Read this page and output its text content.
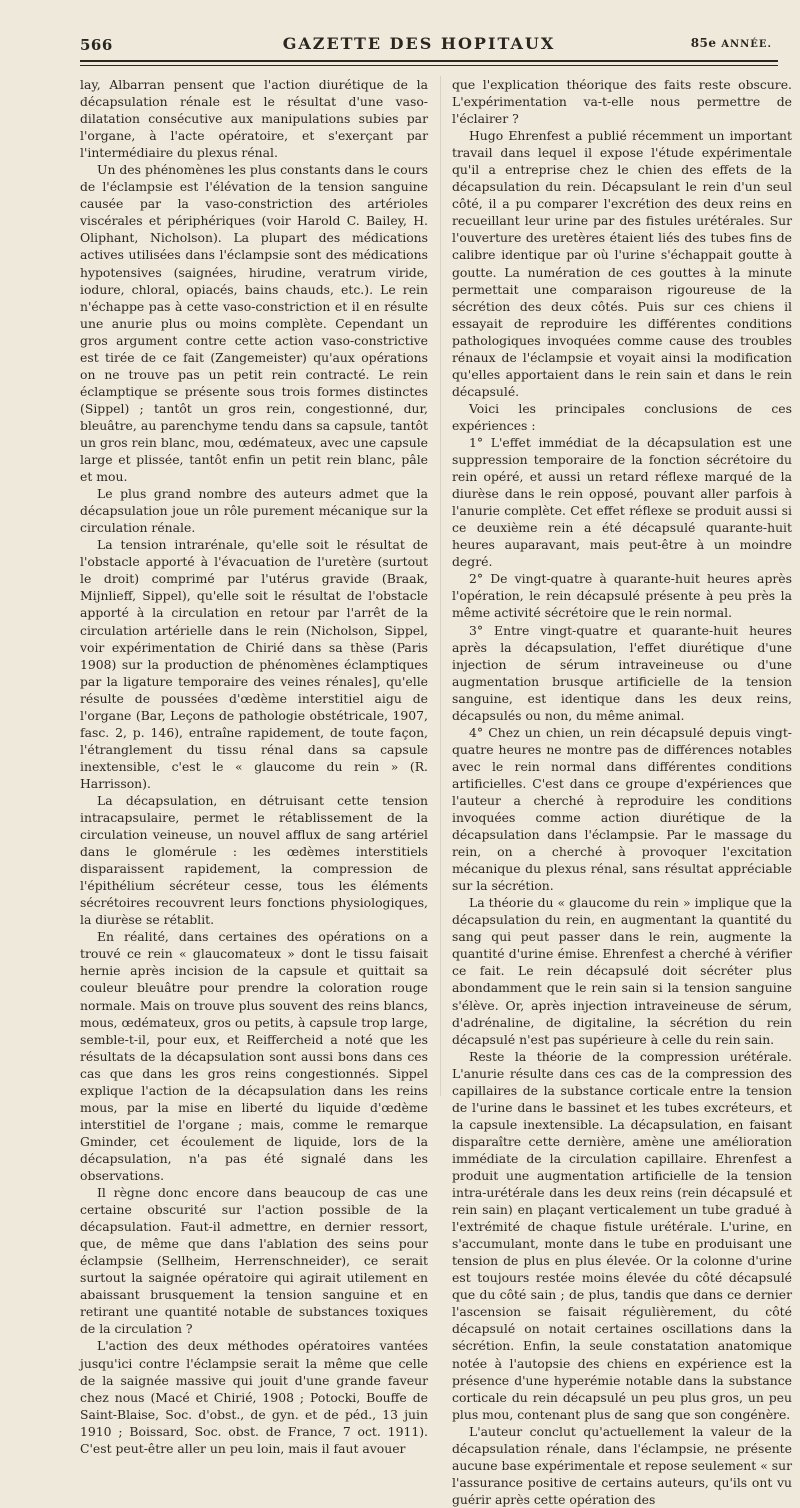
566	GAZETTE DES HOPITAUX	85e ANNÉE.

lay, Albarran pensent que l'action diurétique de la décapsulation rénale est le résultat d'une vaso-dilatation consécutive aux manipulations subies par l'organe, à l'acte opératoire, et s'exerçant par l'intermédiaire du plexus rénal.

Un des phénomènes les plus constants dans le cours de l'éclampsie est l'élévation de la tension sanguine causée par la vaso-constriction des artérioles viscérales et périphériques (voir Harold C. Bailey, H. Oliphant, Nicholson). La plupart des médications actives utilisées dans l'éclampsie sont des médications hypotensives (saignées, hirudine, veratrum viride, iodure, chloral, opiacés, bains chauds, etc.). Le rein n'échappe pas à cette vaso-constriction et il en résulte une anurie plus ou moins complète. Cependant un gros argument contre cette action vaso-constrictive est tirée de ce fait (Zangemeister) qu'aux opérations on ne trouve pas un petit rein contracté. Le rein éclamptique se présente sous trois formes distinctes (Sippel) ; tantôt un gros rein, congestionné, dur, bleuâtre, au parenchyme tendu dans sa capsule, tantôt un gros rein blanc, mou, œdémateux, avec une capsule large et plissée, tantôt enfin un petit rein blanc, pâle et mou.

Le plus grand nombre des auteurs admet que la décapsulation joue un rôle purement mécanique sur la circulation rénale.

La tension intrarénale, qu'elle soit le résultat de l'obstacle apporté à l'évacuation de l'uretère (surtout le droit) comprimé par l'utérus gravide (Braak, Mijnlieff, Sippel), qu'elle soit le résultat de l'obstacle apporté à la circulation en retour par l'arrêt de la circulation artérielle dans le rein (Nicholson, Sippel, voir expérimentation de Chirié dans sa thèse (Paris 1908) sur la production de phénomènes éclamptiques par la ligature temporaire des veines rénales], qu'elle résulte de poussées d'œdème interstitiel aigu de l'organe (Bar, Leçons de pathologie obstétricale, 1907, fasc. 2, p. 146), entraîne rapidement, de toute façon, l'étranglement du tissu rénal dans sa capsule inextensible, c'est le « glaucome du rein » (R. Harrisson).

La décapsulation, en détruisant cette tension intracapsulaire, permet le rétablissement de la circulation veineuse, un nouvel afflux de sang artériel dans le glomérule : les œdèmes interstitiels disparaissent rapidement, la compression de l'épithélium sécréteur cesse, tous les éléments sécrétoires recouvrent leurs fonctions physiologiques, la diurèse se rétablit.

En réalité, dans certaines des opérations on a trouvé ce rein « glaucomateux » dont le tissu faisait hernie après incision de la capsule et quittait sa couleur bleuâtre pour prendre la coloration rouge normale. Mais on trouve plus souvent des reins blancs, mous, œdémateux, gros ou petits, à capsule trop large, semble-t-il, pour eux, et Reiffercheid a noté que les résultats de la décapsulation sont aussi bons dans ces cas que dans les gros reins congestionnés. Sippel explique l'action de la décapsulation dans les reins mous, par la mise en liberté du liquide d'œdème interstitiel de l'organe ; mais, comme le remarque Gminder, cet écoulement de liquide, lors de la décapsulation, n'a pas été signalé dans les observations.

Il règne donc encore dans beaucoup de cas une certaine obscurité sur l'action possible de la décapsulation. Faut-il admettre, en dernier ressort, que, de même que dans l'ablation des seins pour éclampsie (Sellheim, Herrenschneider), ce serait surtout la saignée opératoire qui agirait utilement en abaissant brusquement la tension sanguine et en retirant une quantité notable de substances toxiques de la circulation ?

L'action des deux méthodes opératoires vantées jusqu'ici contre l'éclampsie serait la même que celle de la saignée massive qui jouit d'une grande faveur chez nous (Macé et Chirié, 1908 ; Potocki, Bouffe de Saint-Blaise, Soc. d'obst., de gyn. et de péd., 13 juin 1910 ; Boissard, Soc. obst. de France, 7 oct. 1911). C'est peut-être aller un peu loin, mais il faut avouer

que l'explication théorique des faits reste obscure. L'expérimentation va-t-elle nous permettre de l'éclairer ?

Hugo Ehrenfest a publié récemment un important travail dans lequel il expose l'étude expérimentale qu'il a entreprise chez le chien des effets de la décapsulation du rein. Décapsulant le rein d'un seul côté, il a pu comparer l'excrétion des deux reins en recueillant leur urine par des fistules urétérales. Sur l'ouverture des uretères étaient liés des tubes fins de calibre identique par où l'urine s'échappait goutte à goutte. La numération de ces gouttes à la minute permettait une comparaison rigoureuse de la sécrétion des deux côtés. Puis sur ces chiens il essayait de reproduire les différentes conditions pathologiques invoquées comme cause des troubles rénaux de l'éclampsie et voyait ainsi la modification qu'elles apportaient dans le rein sain et dans le rein décapsulé.

Voici les principales conclusions de ces expériences :

1° L'effet immédiat de la décapsulation est une suppression temporaire de la fonction sécrétoire du rein opéré, et aussi un retard réflexe marqué de la diurèse dans le rein opposé, pouvant aller parfois à l'anurie complète. Cet effet réflexe se produit aussi si ce deuxième rein a été décapsulé quarante-huit heures auparavant, mais peut-être à un moindre degré.

2° De vingt-quatre à quarante-huit heures après l'opération, le rein décapsulé présente à peu près la même activité sécrétoire que le rein normal.

3° Entre vingt-quatre et quarante-huit heures après la décapsulation, l'effet diurétique d'une injection de sérum intraveineuse ou d'une augmentation brusque artificielle de la tension sanguine, est identique dans les deux reins, décapsulés ou non, du même animal.

4° Chez un chien, un rein décapsulé depuis vingt-quatre heures ne montre pas de différences notables avec le rein normal dans différentes conditions artificielles. C'est dans ce groupe d'expériences que l'auteur a cherché à reproduire les conditions invoquées comme action diurétique de la décapsulation dans l'éclampsie. Par le massage du rein, on a cherché à provoquer l'excitation mécanique du plexus rénal, sans résultat appréciable sur la sécrétion.

La théorie du « glaucome du rein » implique que la décapsulation du rein, en augmentant la quantité du sang qui peut passer dans le rein, augmente la quantité d'urine émise. Ehrenfest a cherché à vérifier ce fait. Le rein décapsulé doit sécréter plus abondamment que le rein sain si la tension sanguine s'élève. Or, après injection intraveineuse de sérum, d'adrénaline, de digitaline, la sécrétion du rein décapsulé n'est pas supérieure à celle du rein sain.

Reste la théorie de la compression urétérale. L'anurie résulte dans ces cas de la compression des capillaires de la substance corticale entre la tension de l'urine dans le bassinet et les tubes excréteurs, et la capsule inextensible. La décapsulation, en faisant disparaître cette dernière, amène une amélioration immédiate de la circulation capillaire. Ehrenfest a produit une augmentation artificielle de la tension intra-urétérale dans les deux reins (rein décapsulé et rein sain) en plaçant verticalement un tube gradué à l'extrémité de chaque fistule urétérale. L'urine, en s'accumulant, monte dans le tube en produisant une tension de plus en plus élevée. Or la colonne d'urine est toujours restée moins élevée du côté décapsulé que du côté sain ; de plus, tandis que dans ce dernier l'ascension se faisait régulièrement, du côté décapsulé on notait certaines oscillations dans la sécrétion. Enfin, la seule constatation anatomique notée à l'autopsie des chiens en expérience est la présence d'une hyperémie notable dans la substance corticale du rein décapsulé un peu plus gros, un peu plus mou, contenant plus de sang que son congénère.

L'auteur conclut qu'actuellement la valeur de la décapsulation rénale, dans l'éclampsie, ne présente aucune base expérimentale et repose seulement « sur l'assurance positive de certains auteurs, qu'ils ont vu guérir après cette opération des
